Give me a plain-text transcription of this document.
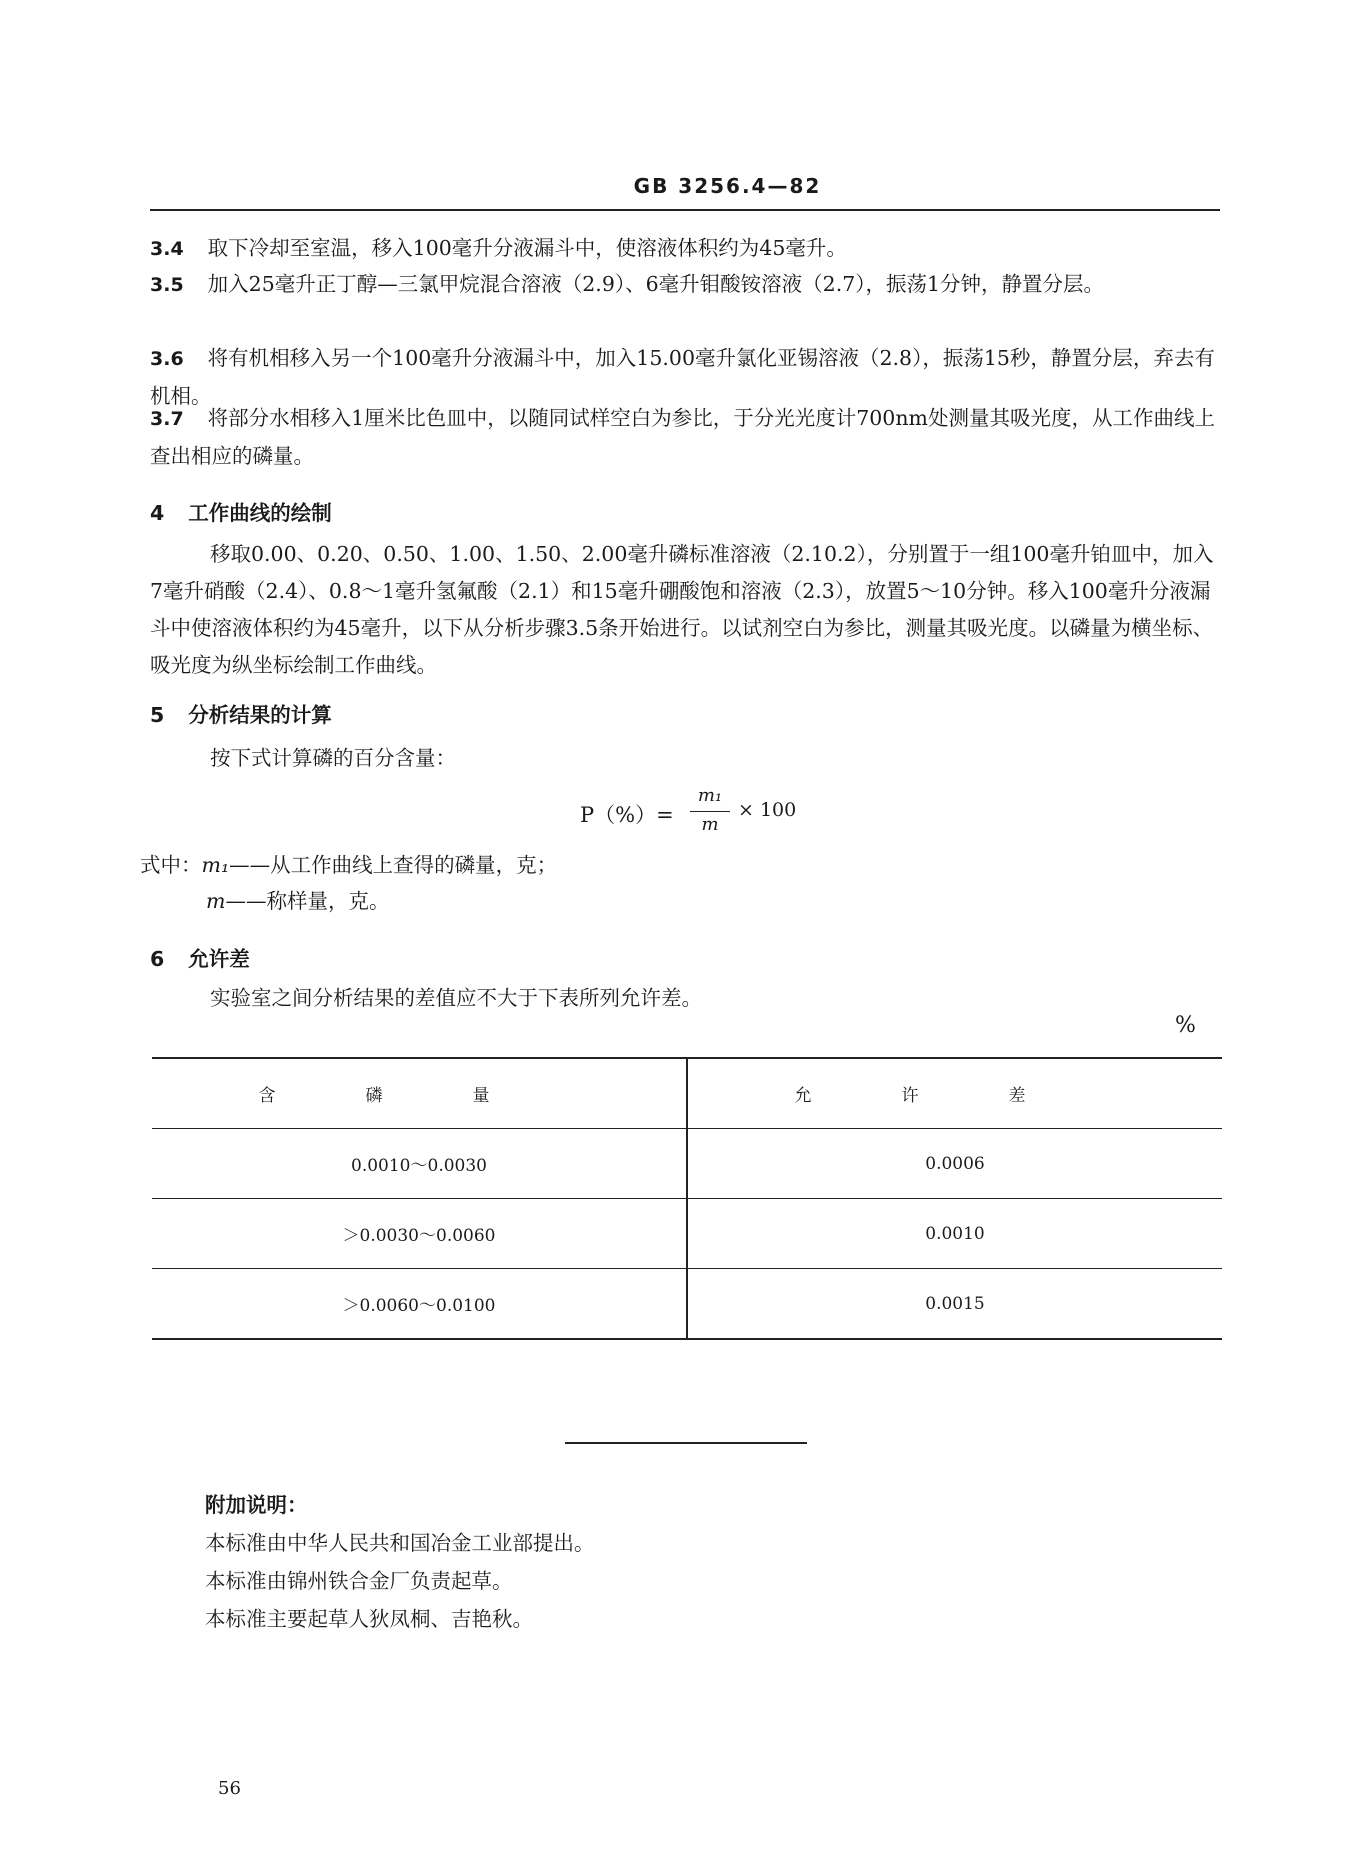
GB 3256.4—82

3.4 取下冷却至室温，移入100毫升分液漏斗中，使溶液体积约为45毫升。

3.5 加入25毫升正丁醇—三氯甲烷混合溶液（2.9）、6毫升钼酸铵溶液（2.7），振荡1分钟，静置分层。

3.6 将有机相移入另一个100毫升分液漏斗中，加入15.00毫升氯化亚锡溶液（2.8），振荡15秒，静置分层，弃去有机相。

3.7 将部分水相移入1厘米比色皿中，以随同试样空白为参比，于分光光度计700nm处测量其吸光度，从工作曲线上查出相应的磷量。

4 工作曲线的绘制

移取0.00、0.20、0.50、1.00、1.50、2.00毫升磷标准溶液（2.10.2），分别置于一组100毫升铂皿中，加入7毫升硝酸（2.4）、0.8～1毫升氢氟酸（2.1）和15毫升硼酸饱和溶液（2.3），放置5～10分钟。移入100毫升分液漏斗中使溶液体积约为45毫升，以下从分析步骤3.5条开始进行。以试剂空白为参比，测量其吸光度。以磷量为横坐标、吸光度为纵坐标绘制工作曲线。

5 分析结果的计算

按下式计算磷的百分含量：

P（%）=
m₁
m
× 100
式中：m₁——从工作曲线上查得的磷量，克；
m——称样量，克。
6 允许差

实验室之间分析结果的差值应不大于下表所列允许差。

%
含磷量	允许差
0.0010～0.0030	0.0006
＞0.0030～0.0060	0.0010
＞0.0060～0.0100	0.0015
附加说明：
本标准由中华人民共和国冶金工业部提出。
本标准由锦州铁合金厂负责起草。
本标准主要起草人狄凤桐、吉艳秋。
56
